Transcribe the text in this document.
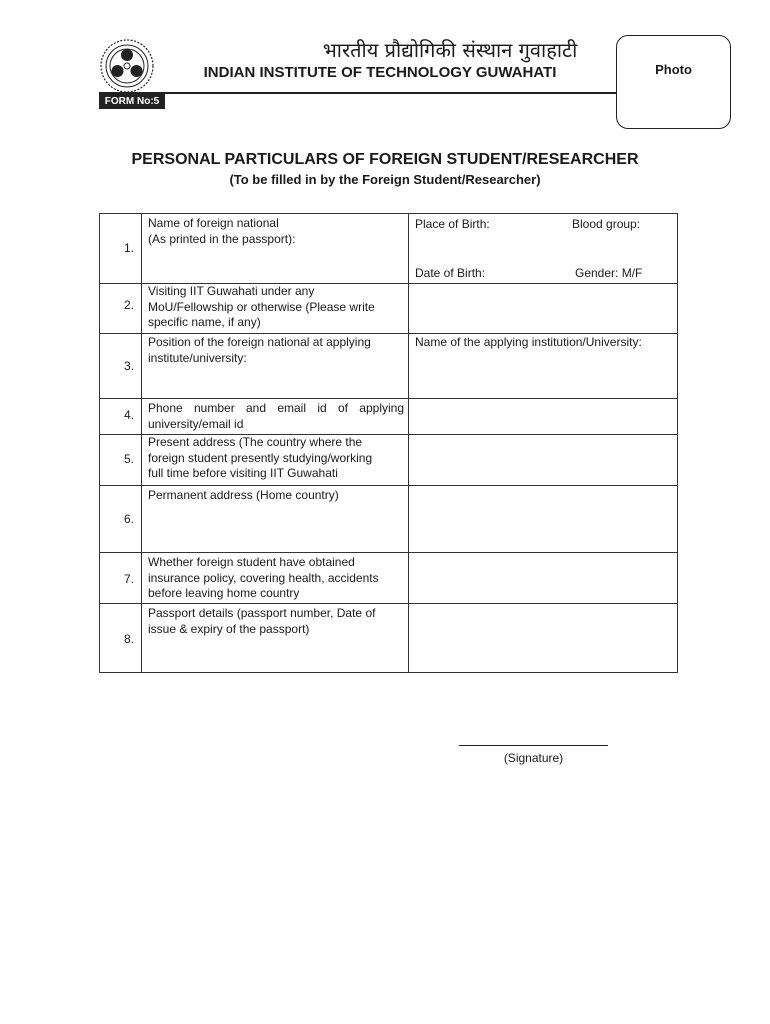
भारतीय प्रौद्योगिकी संस्थान गुवाहाटी
INDIAN INSTITUTE OF TECHNOLOGY GUWAHATI
FORM No:5
Photo
PERSONAL PARTICULARS OF FOREIGN STUDENT/RESEARCHER
(To be filled in by the Foreign Student/Researcher)
1.
Name of foreign national
(As printed in the passport):
Place of Birth:	Blood group:
Date of Birth:	Gender: M/F
2.
Visiting IIT Guwahati under any
MoU/Fellowship or otherwise (Please write
specific name, if any)
3.
Position of the foreign national at applying
institute/university:
Name of the applying institution/University:
4. Phone number and email id of applying
university/email id
5.
Present address (The country where the
foreign student presently studying/working
full time before visiting IIT Guwahati
6.
Permanent address (Home country)
7.
Whether foreign student have obtained
insurance policy, covering health, accidents
before leaving home country
8.
Passport details (passport number, Date of
issue & expiry of the passport)
(Signature)
